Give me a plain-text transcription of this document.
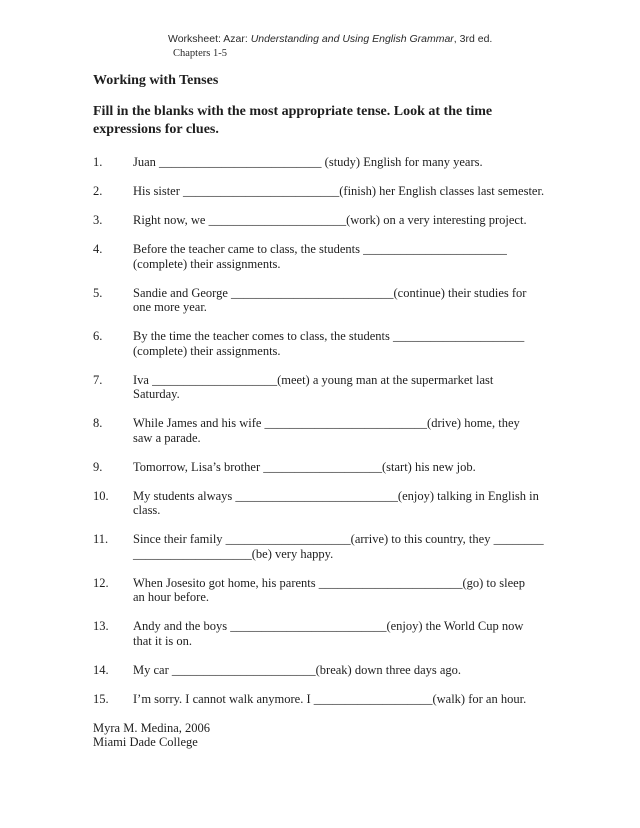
Worksheet: Azar: Understanding and Using English Grammar, 3rd ed.
Chapters 1-5
Working with Tenses
Fill in the blanks with the most appropriate tense. Look at the time
expressions for clues.
1.	Juan __________________________ (study) English for many years.
2.	His sister _________________________(finish) her English classes last semester.
3.	Right now, we ______________________(work) on a very interesting project.
4.	Before the teacher came to class, the students _______________________
(complete) their assignments.
5.	Sandie and George __________________________(continue) their studies for
one more year.
6.	By the time the teacher comes to class, the students _____________________
(complete) their assignments.
7.	Iva ____________________(meet) a young man at the supermarket last
Saturday.
8.	While James and his wife __________________________(drive) home, they
saw a parade.
9.	Tomorrow, Lisa’s brother ___________________(start) his new job.
10.	My students always __________________________(enjoy) talking in English in
class.
11.	Since their family ____________________(arrive) to this country, they ________
___________________(be) very happy.
12.	When Josesito got home, his parents _______________________(go) to sleep
an hour before.
13.	Andy and the boys _________________________(enjoy) the World Cup now
that it is on.
14.	My car _______________________(break) down three days ago.
15.	I’m sorry. I cannot walk anymore. I ___________________(walk) for an hour.
Myra M. Medina, 2006
Miami Dade College
